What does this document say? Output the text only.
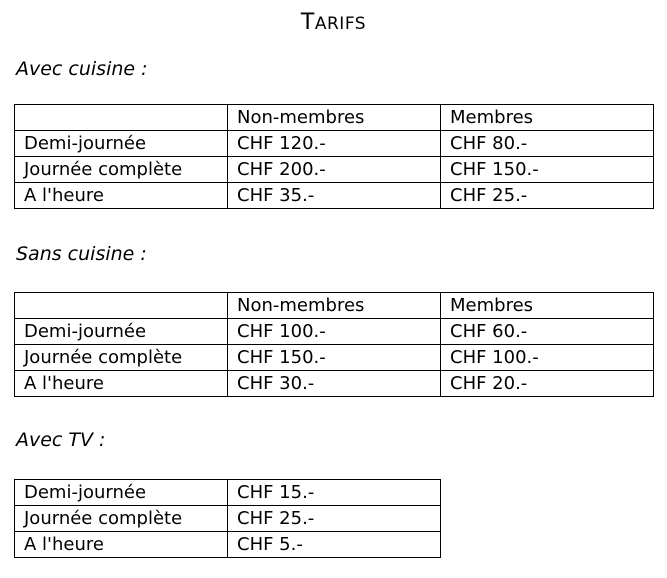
TARIFS
Avec cuisine :
	Non-membres	Membres
Demi-journée	CHF 120.-	CHF 80.-
Journée complète	CHF 200.-	CHF 150.-
A l'heure	CHF 35.-	CHF 25.-
Sans cuisine :
	Non-membres	Membres
Demi-journée	CHF 100.-	CHF 60.-
Journée complète	CHF 150.-	CHF 100.-
A l'heure	CHF 30.-	CHF 20.-
Avec TV :
Demi-journée	CHF 15.-
Journée complète	CHF 25.-
A l'heure	CHF 5.-
